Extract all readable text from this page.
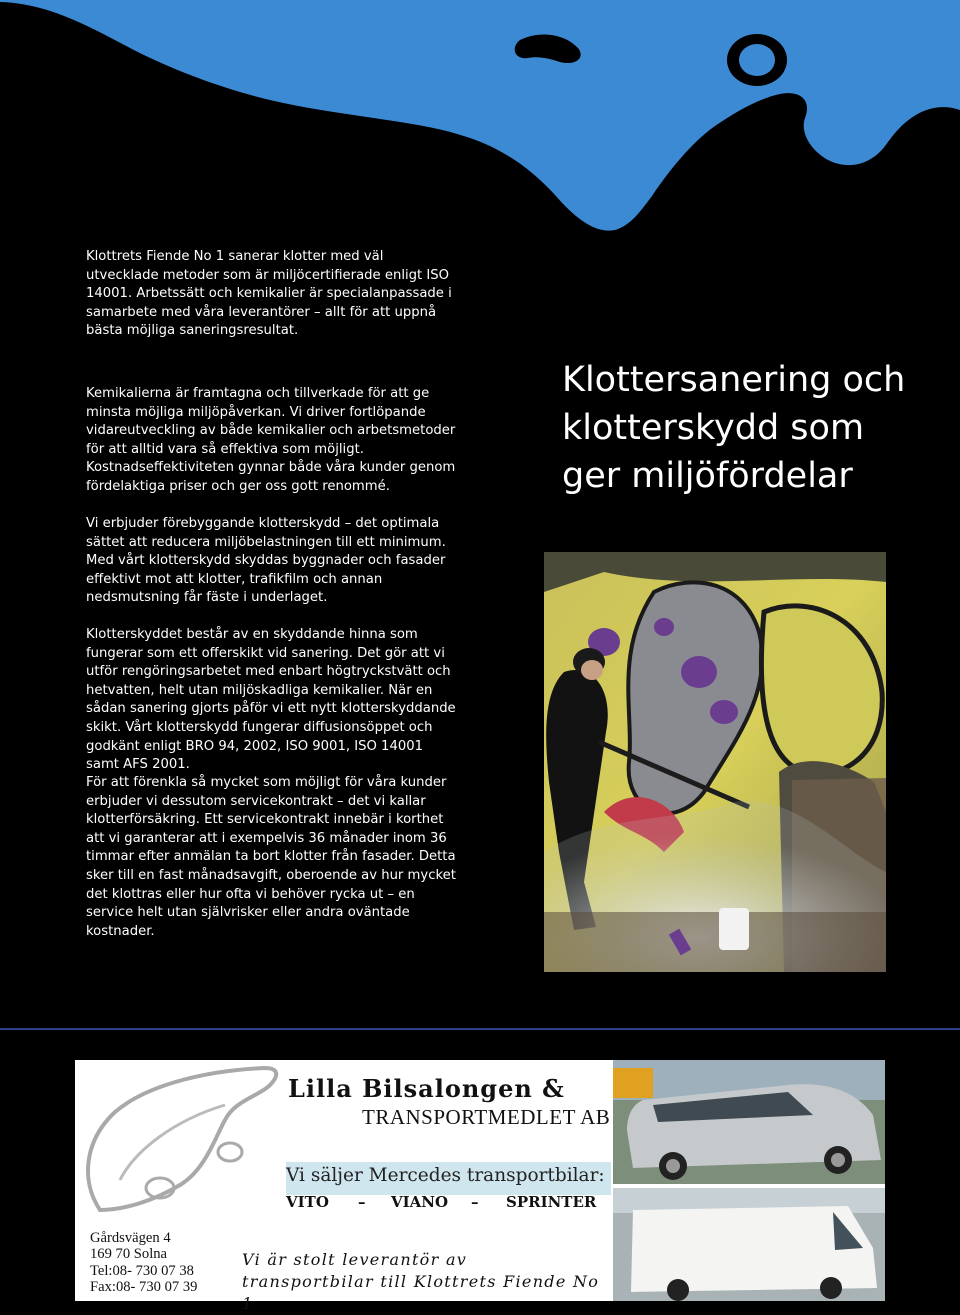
Klottrets Fiende No 1 sanerar klotter med väl utvecklade metoder som är miljöcertifierade enligt ISO 14001. Arbetssätt och kemikalier är specialanpassade i samarbete med våra leverantörer – allt för att uppnå bästa möjliga saneringsresultat.

Kemikalierna är framtagna och tillverkade för att ge minsta möjliga miljöpåverkan. Vi driver fortlöpande vidareutveckling av både kemikalier och arbetsmetoder för att alltid vara så effektiva som möjligt. Kostnadseffektiviteten gynnar både våra kunder genom fördelaktiga priser och ger oss gott renommé.

Vi erbjuder förebyggande klotterskydd – det optimala sättet att reducera miljöbelastningen till ett minimum. Med vårt klotterskydd skyddas byggnader och fasader effektivt mot att klotter, trafikfilm och annan nedsmutsning får fäste i underlaget.

Klotterskyddet består av en skyddande hinna som fungerar som ett offerskikt vid sanering. Det gör att vi utför rengöringsarbetet med enbart högtryckstvätt och hetvatten, helt utan miljöskadliga kemikalier. När en sådan sanering gjorts påför vi ett nytt klotterskyddande skikt. Vårt klotterskydd fungerar diffusionsöppet och godkänt enligt BRO 94, 2002, ISO 9001, ISO 14001 samt AFS 2001.

För att förenkla så mycket som möjligt för våra kunder erbjuder vi dessutom servicekontrakt – det vi kallar klotterförsäkring. Ett servicekontrakt innebär i korthet att vi garanterar att i exempelvis 36 månader inom 36 timmar efter anmälan ta bort klotter från fasader. Detta sker till en fast månadsavgift, oberoende av hur mycket det klottras eller hur ofta vi behöver rycka ut – en service helt utan självrisker eller andra oväntade kostnader.

Klottersanering och
klotterskydd som
ger miljöfördelar
Lilla Bilsalongen &
TRANSPORTMEDLET AB
Vi säljer Mercedes transportbilar:
VITO – VIANO – SPRINTER
Gårdsvägen 4
169 70 Solna
Tel:08- 730 07 38
Fax:08- 730 07 39
Vi är stolt leverantör av
transportbilar till Klottrets Fiende No 1
